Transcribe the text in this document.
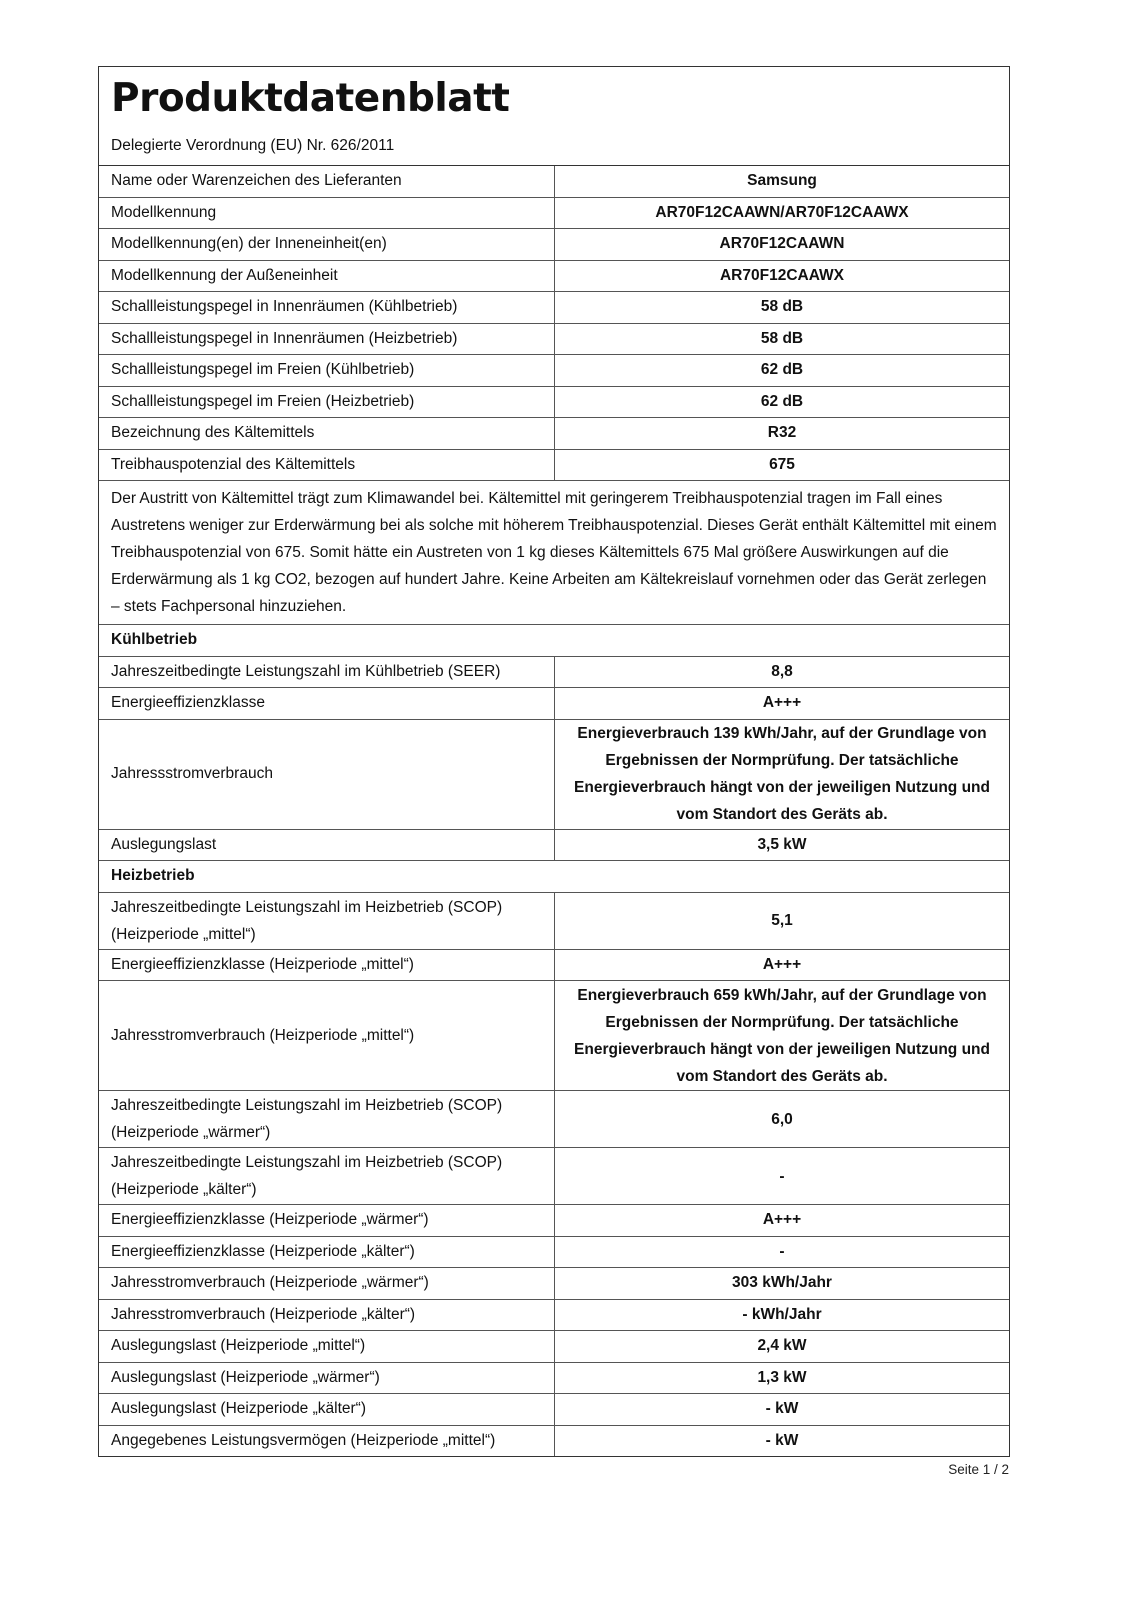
Produktdatenblatt
Delegierte Verordnung (EU) Nr. 626/2011
Name oder Warenzeichen des Lieferanten	Samsung
Modellkennung	AR70F12CAAWN/AR70F12CAAWX
Modellkennung(en) der Inneneinheit(en)	AR70F12CAAWN
Modellkennung der Außeneinheit	AR70F12CAAWX
Schallleistungspegel in Innenräumen (Kühlbetrieb)	58 dB
Schallleistungspegel in Innenräumen (Heizbetrieb)	58 dB
Schallleistungspegel im Freien (Kühlbetrieb)	62 dB
Schallleistungspegel im Freien (Heizbetrieb)	62 dB
Bezeichnung des Kältemittels	R32
Treibhauspotenzial des Kältemittels	675
Der Austritt von Kältemittel trägt zum Klimawandel bei. Kältemittel mit geringerem Treibhauspotenzial tragen im Fall eines Austretens weniger zur Erderwärmung bei als solche mit höherem Treibhauspotenzial. Dieses Gerät enthält Kältemittel mit einem Treibhauspotenzial von 675. Somit hätte ein Austreten von 1 kg dieses Kältemittels 675 Mal größere Auswirkungen auf die Erderwärmung als 1 kg CO2, bezogen auf hundert Jahre. Keine Arbeiten am Kältekreislauf vornehmen oder das Gerät zerlegen – stets Fachpersonal hinzuziehen.	
Kühlbetrieb	
Jahreszeitbedingte Leistungszahl im Kühlbetrieb (SEER)	8,8
Energieeffizienzklasse	A+++
Jahressstromverbrauch	Energieverbrauch 139 kWh/Jahr, auf der Grundlage von Ergebnissen der Normprüfung. Der tatsächliche Energieverbrauch hängt von der jeweiligen Nutzung und vom Standort des Geräts ab.

Auslegungslast	3,5 kW
Heizbetrieb	
Jahreszeitbedingte Leistungszahl im Heizbetrieb (SCOP) (Heizperiode „mittel“)	5,1
Energieeffizienzklasse (Heizperiode „mittel“)	A+++
Jahresstromverbrauch (Heizperiode „mittel“)	Energieverbrauch 659 kWh/Jahr, auf der Grundlage von Ergebnissen der Normprüfung. Der tatsächliche Energieverbrauch hängt von der jeweiligen Nutzung und vom Standort des Geräts ab.

Jahreszeitbedingte Leistungszahl im Heizbetrieb (SCOP) (Heizperiode „wärmer“)	6,0
Jahreszeitbedingte Leistungszahl im Heizbetrieb (SCOP) (Heizperiode „kälter“)	-
Energieeffizienzklasse (Heizperiode „wärmer“)	A+++
Energieeffizienzklasse (Heizperiode „kälter“)	-
Jahresstromverbrauch (Heizperiode „wärmer“)	303 kWh/Jahr
Jahresstromverbrauch (Heizperiode „kälter“)	- kWh/Jahr
Auslegungslast (Heizperiode „mittel“)	2,4 kW
Auslegungslast (Heizperiode „wärmer“)	1,3 kW
Auslegungslast (Heizperiode „kälter“)	- kW
Angegebenes Leistungsvermögen (Heizperiode „mittel“)	- kW
Seite 1 / 2
